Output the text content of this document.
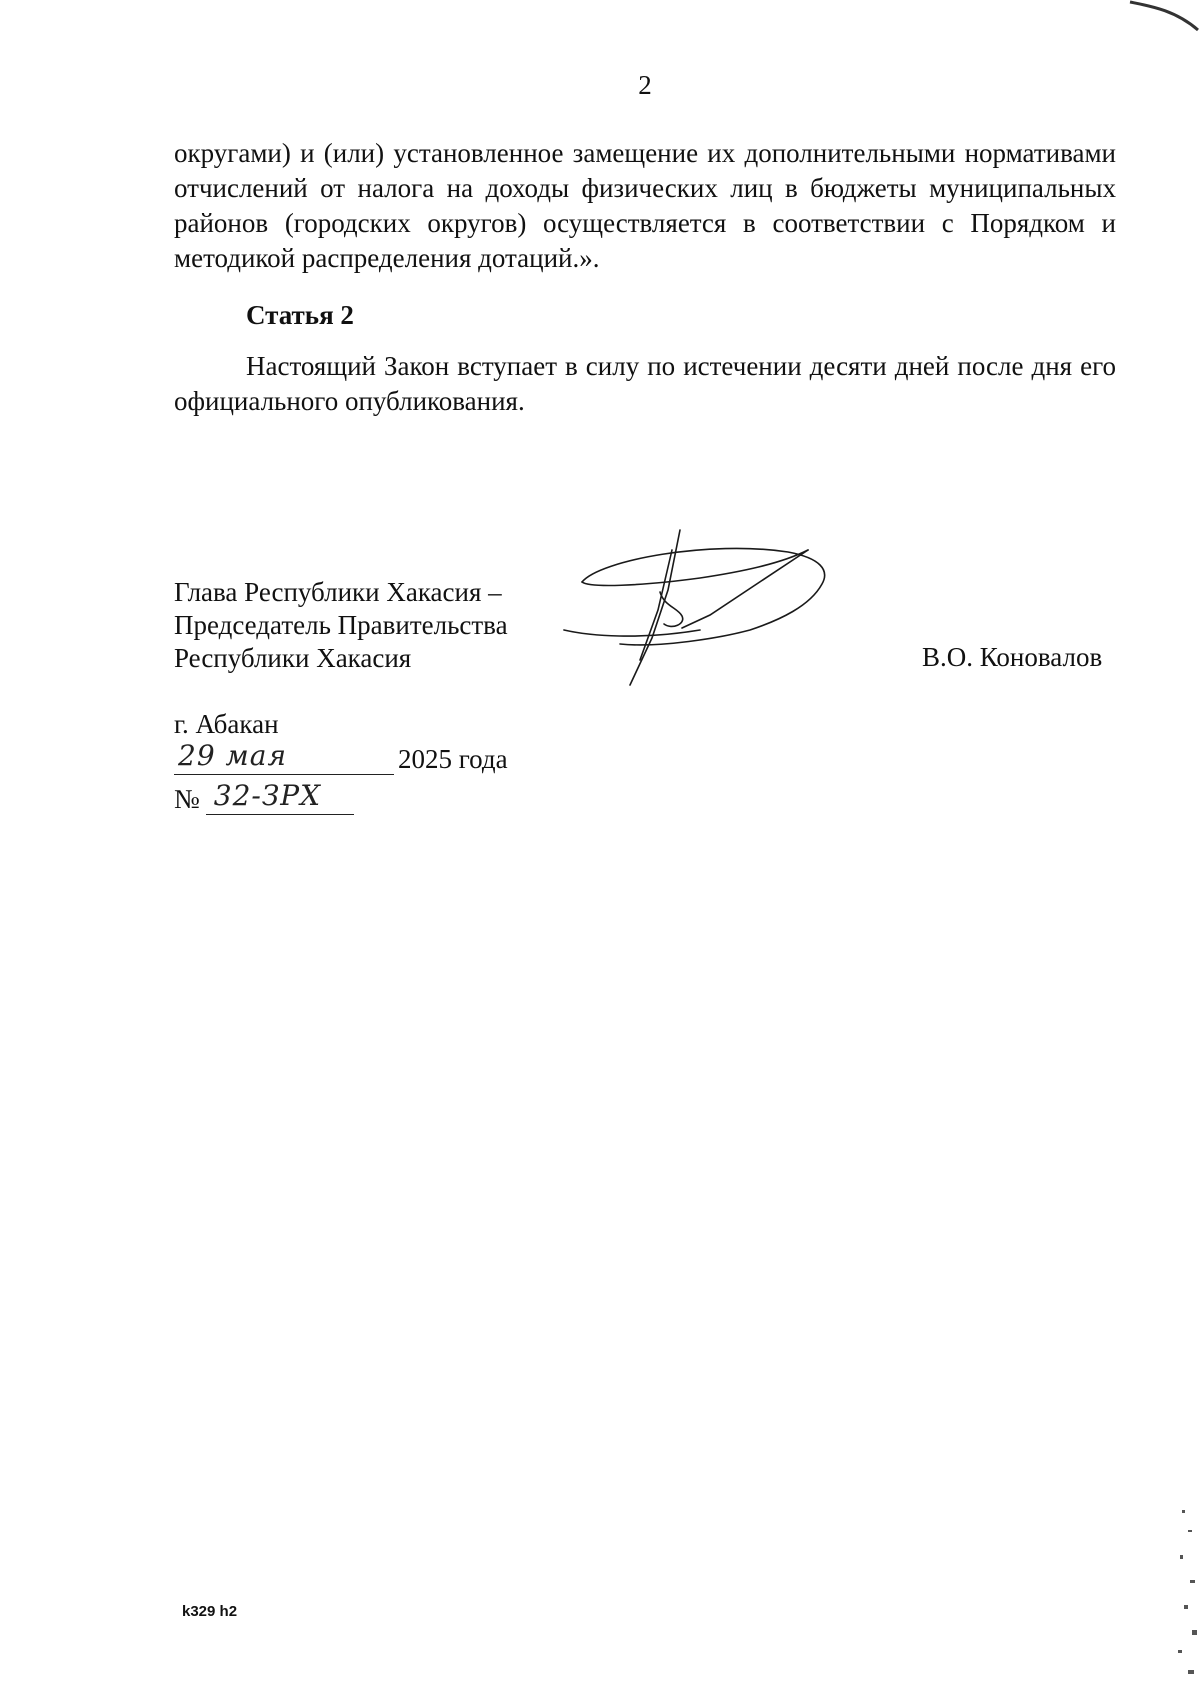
2
округами) и (или) установленное замещение их дополнительными нормативами отчислений от налога на доходы физических лиц в бюджеты муниципальных районов (городских округов) осуществляется в соответствии с Порядком и методикой распределения дотаций.».
Статья 2
Настоящий Закон вступает в силу по истечении десяти дней после дня его официального опубликования.
Глава Республики Хакасия –
Председатель Правительства
Республики Хакасия	В.О. Коновалов
г. Абакан
29 мая	2025 года
№ 32-ЗРХ
k329 h2
